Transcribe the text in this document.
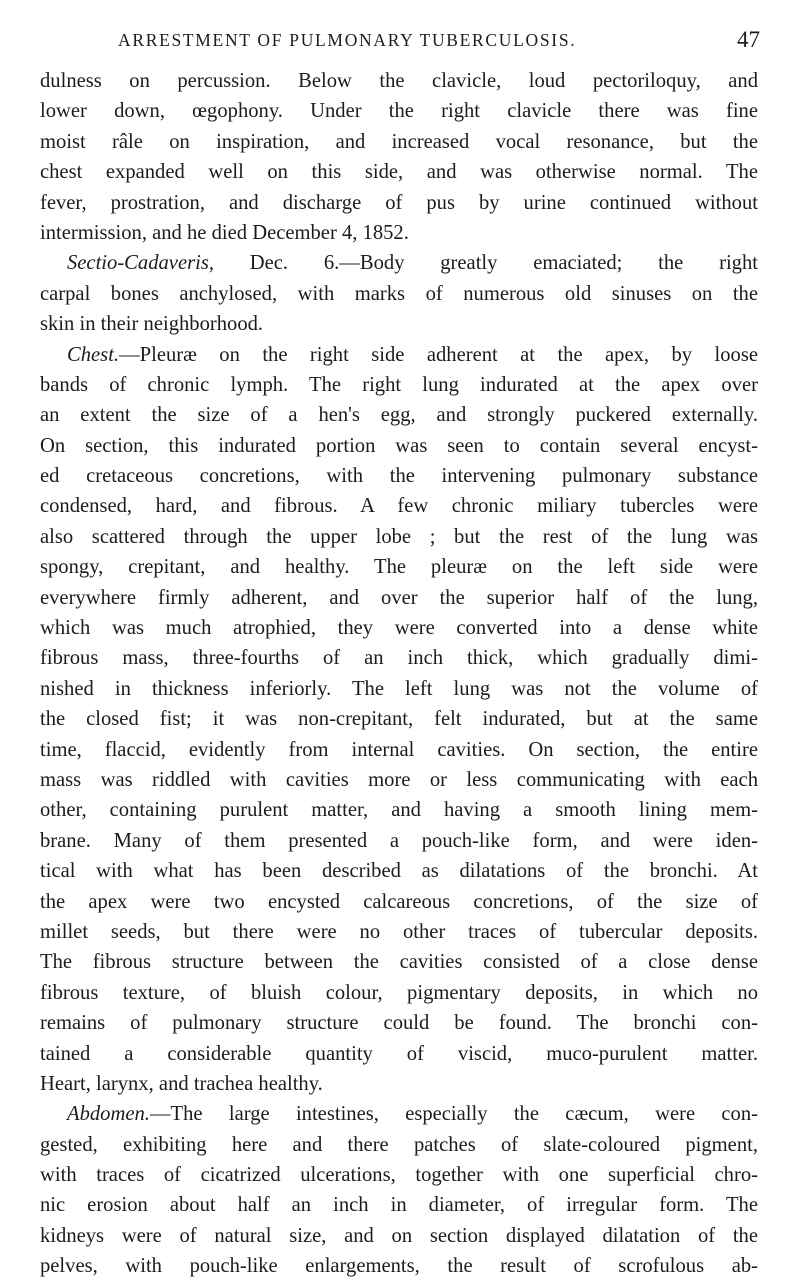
ARRESTMENT OF PULMONARY TUBERCULOSIS.	47
dulness on percussion. Below the clavicle, loud pectoriloquy, and
lower down, œgophony. Under the right clavicle there was fine
moist râle on inspiration, and increased vocal resonance, but the
chest expanded well on this side, and was otherwise normal. The
fever, prostration, and discharge of pus by urine continued without
intermission, and he died December 4, 1852.
Sectio-Cadaveris, Dec. 6.—Body greatly emaciated; the right
carpal bones anchylosed, with marks of numerous old sinuses on the
skin in their neighborhood.
Chest.—Pleuræ on the right side adherent at the apex, by loose
bands of chronic lymph. The right lung indurated at the apex over
an extent the size of a hen's egg, and strongly puckered externally.
On section, this indurated portion was seen to contain several encyst-
ed cretaceous concretions, with the intervening pulmonary substance
condensed, hard, and fibrous. A few chronic miliary tubercles were
also scattered through the upper lobe ; but the rest of the lung was
spongy, crepitant, and healthy. The pleuræ on the left side were
everywhere firmly adherent, and over the superior half of the lung,
which was much atrophied, they were converted into a dense white
fibrous mass, three-fourths of an inch thick, which gradually dimi-
nished in thickness inferiorly. The left lung was not the volume of
the closed fist; it was non-crepitant, felt indurated, but at the same
time, flaccid, evidently from internal cavities. On section, the entire
mass was riddled with cavities more or less communicating with each
other, containing purulent matter, and having a smooth lining mem-
brane. Many of them presented a pouch-like form, and were iden-
tical with what has been described as dilatations of the bronchi. At
the apex were two encysted calcareous concretions, of the size of
millet seeds, but there were no other traces of tubercular deposits.
The fibrous structure between the cavities consisted of a close dense
fibrous texture, of bluish colour, pigmentary deposits, in which no
remains of pulmonary structure could be found. The bronchi con-
tained a considerable quantity of viscid, muco-purulent matter.
Heart, larynx, and trachea healthy.
Abdomen.—The large intestines, especially the cæcum, were con-
gested, exhibiting here and there patches of slate-coloured pigment,
with traces of cicatrized ulcerations, together with one superficial chro-
nic erosion about half an inch in diameter, of irregular form. The
kidneys were of natural size, and on section displayed dilatation of the
pelves, with pouch-like enlargements, the result of scrofulous ab-
